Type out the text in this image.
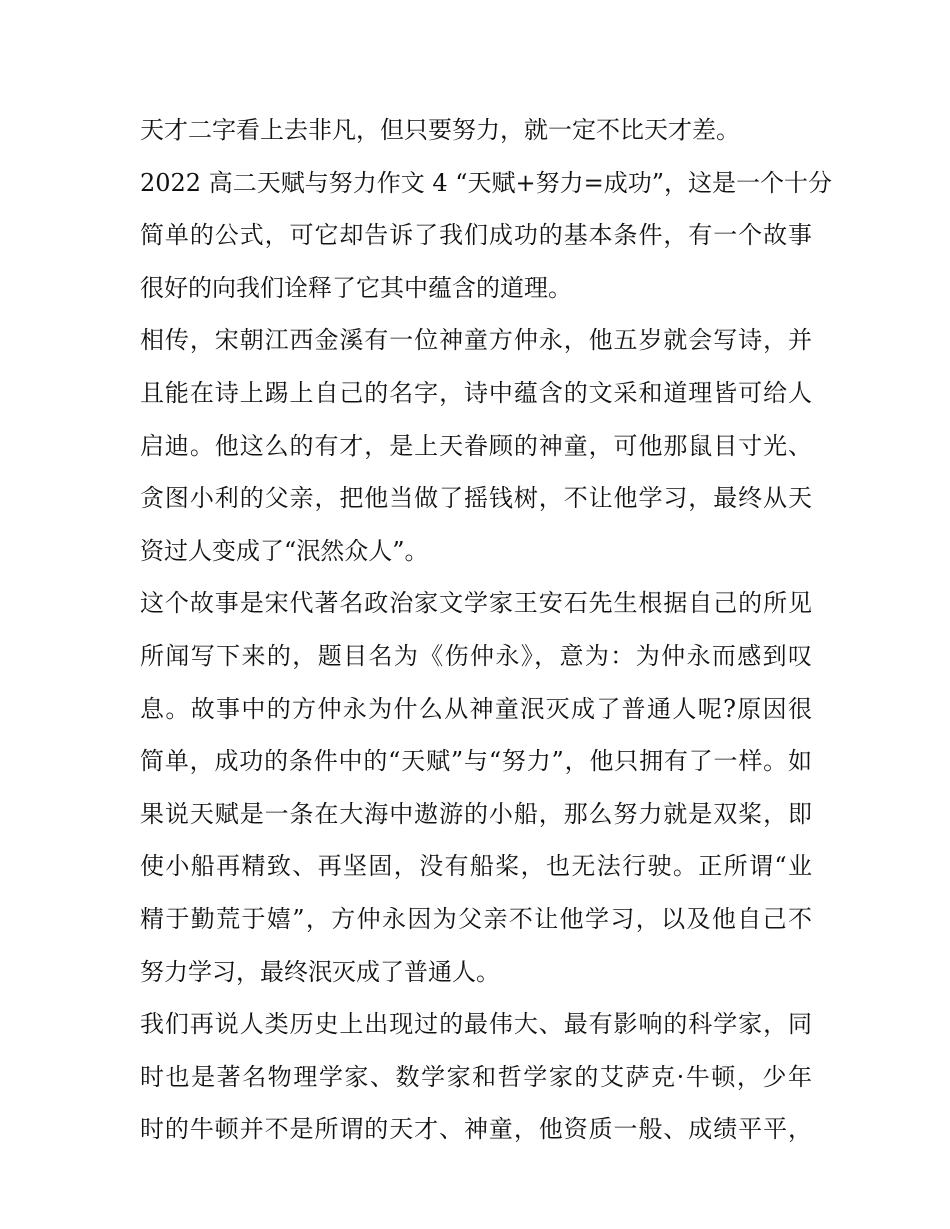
天才二字看上去非凡，但只要努力，就一定不比天才差。
2022 高二天赋与努力作文 4 “天赋+努力=成功”，这是一个十分
简单的公式，可它却告诉了我们成功的基本条件，有一个故事
很好的向我们诠释了它其中蕴含的道理。
相传，宋朝江西金溪有一位神童方仲永，他五岁就会写诗，并
且能在诗上踢上自己的名字，诗中蕴含的文采和道理皆可给人
启迪。他这么的有才，是上天眷顾的神童，可他那鼠目寸光、
贪图小利的父亲，把他当做了摇钱树，不让他学习，最终从天
资过人变成了“泯然众人”。
这个故事是宋代著名政治家文学家王安石先生根据自己的所见
所闻写下来的，题目名为《伤仲永》，意为：为仲永而感到叹
息。故事中的方仲永为什么从神童泯灭成了普通人呢?原因很
简单，成功的条件中的“天赋”与“努力”，他只拥有了一样。如
果说天赋是一条在大海中遨游的小船，那么努力就是双桨，即
使小船再精致、再坚固，没有船桨，也无法行驶。正所谓“业
精于勤荒于嬉”，方仲永因为父亲不让他学习，以及他自己不
努力学习，最终泯灭成了普通人。
我们再说人类历史上出现过的最伟大、最有影响的科学家，同
时也是著名物理学家、数学家和哲学家的艾萨克·牛顿，少年
时的牛顿并不是所谓的天才、神童，他资质一般、成绩平平，
